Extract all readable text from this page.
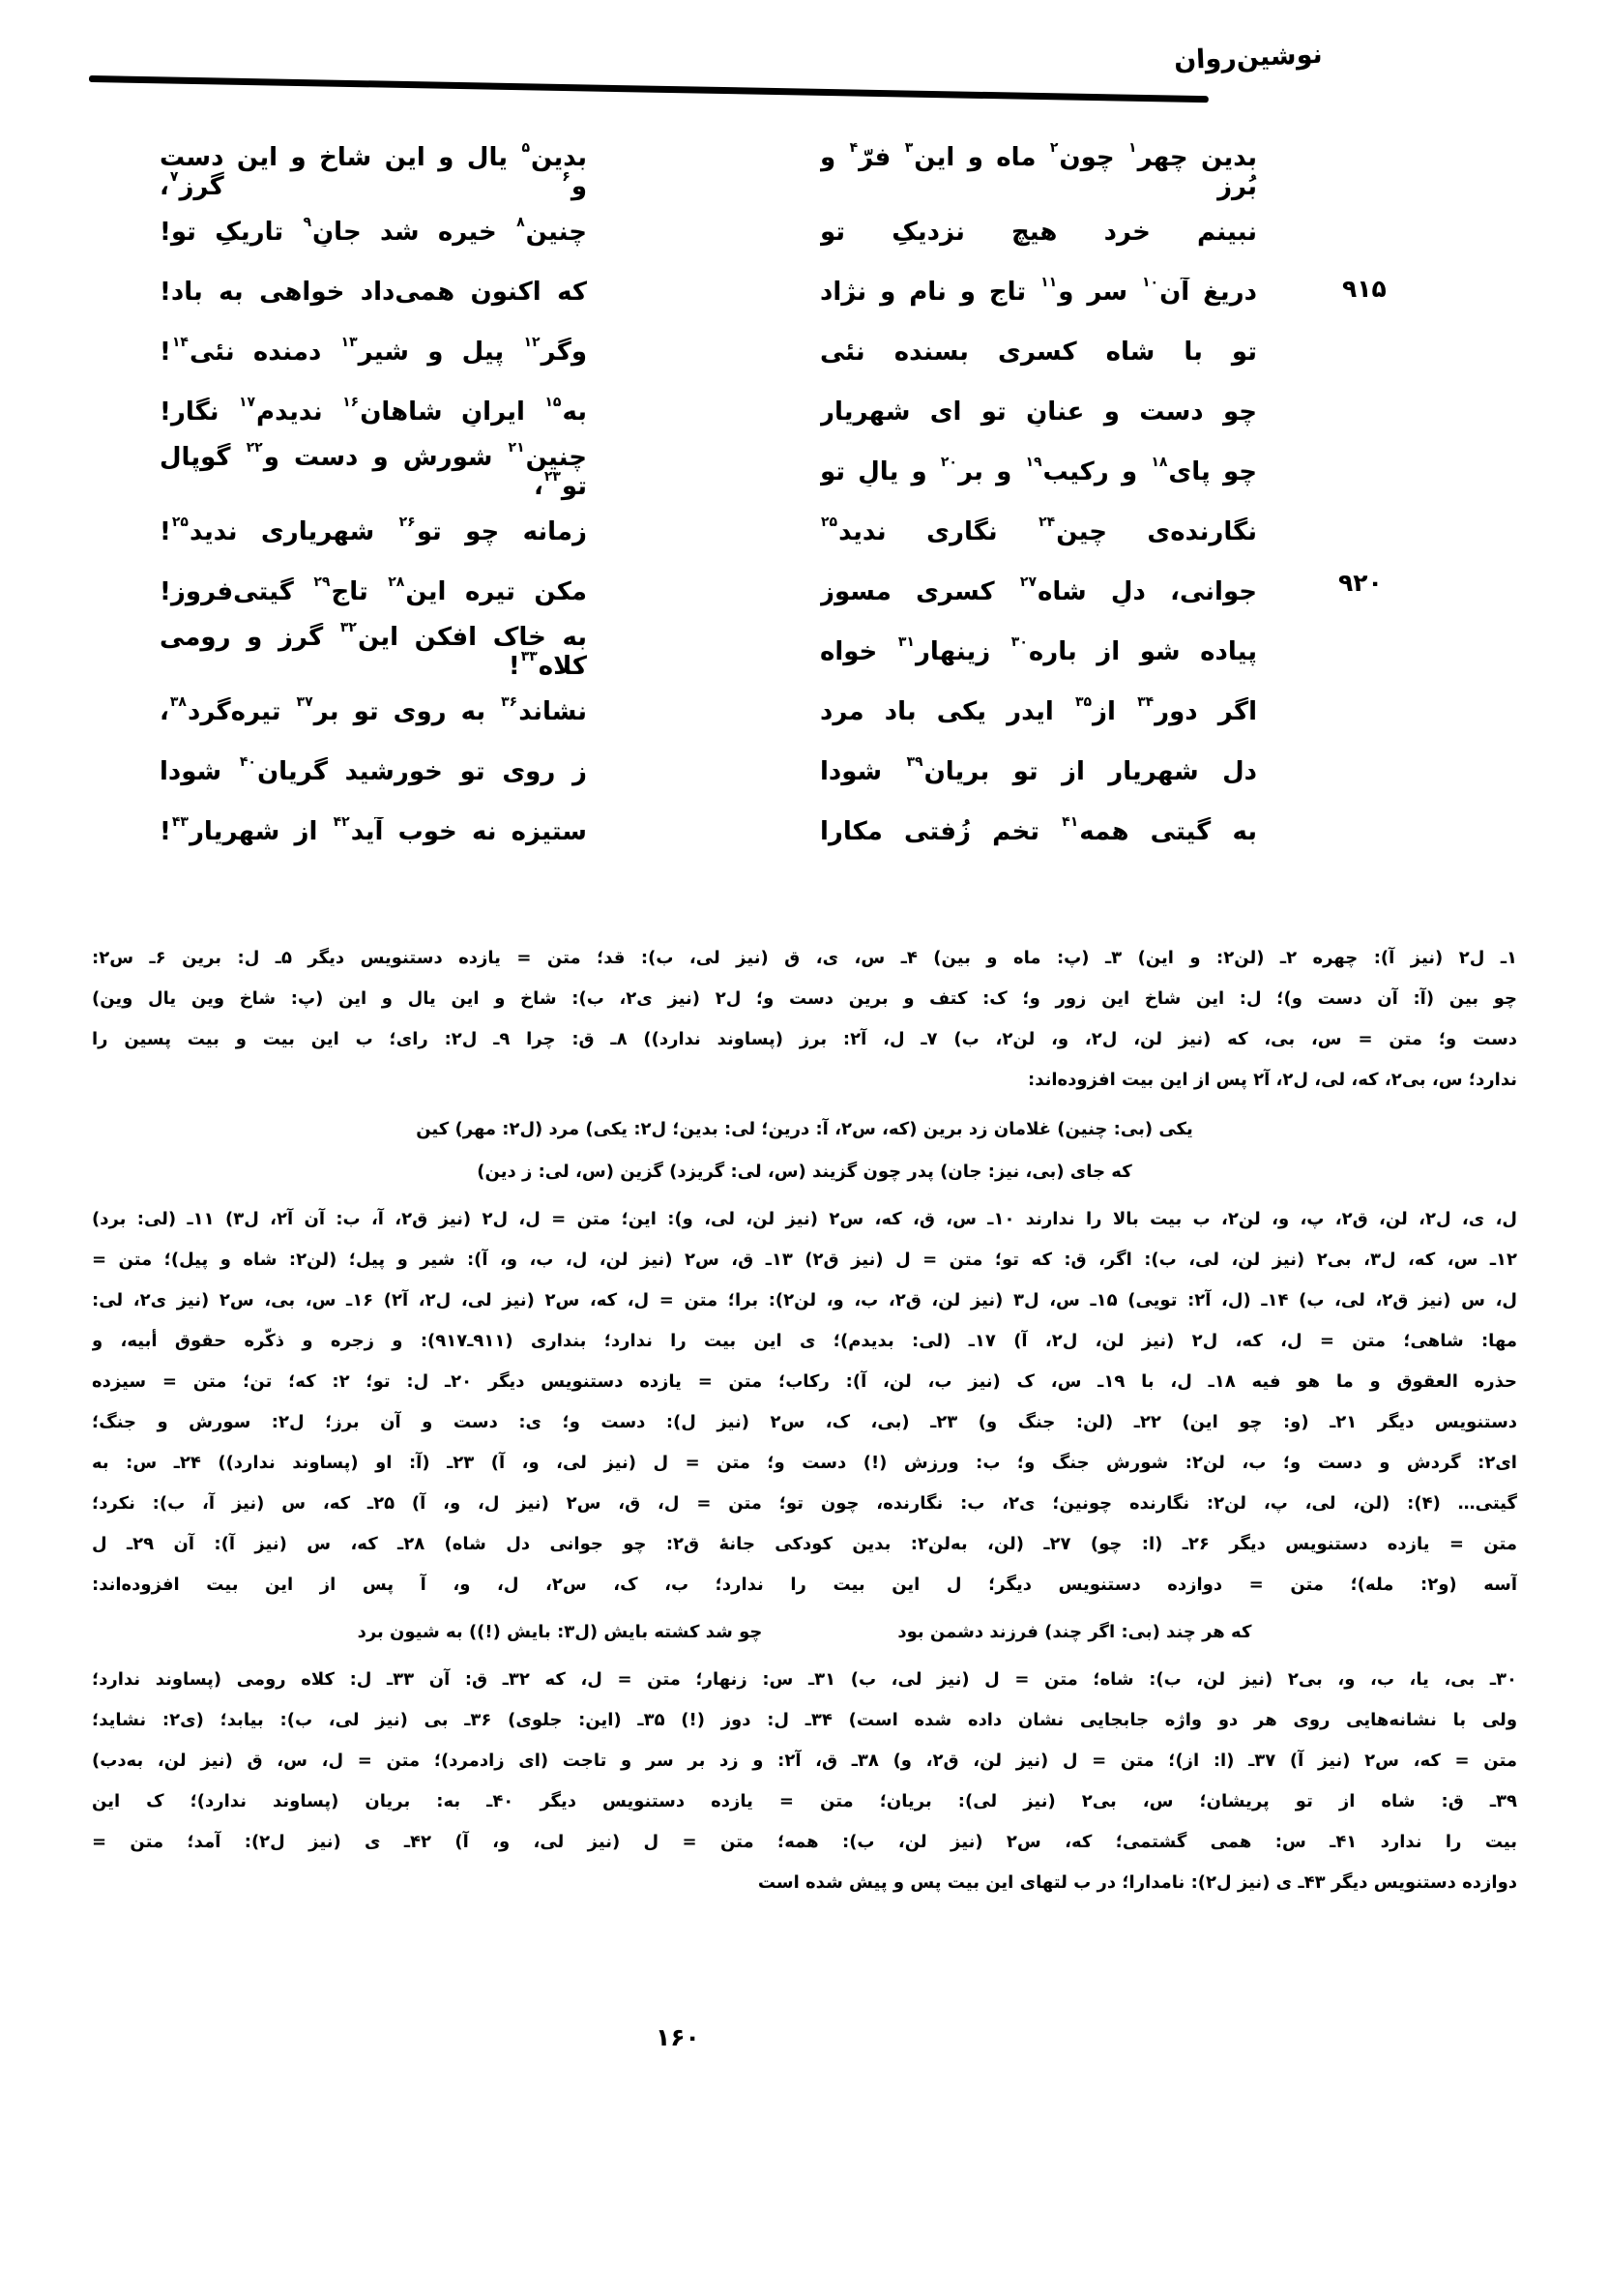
نوشین‌روان
۹۱۵
۹۲۰
بدین چهر$^۱$ چون$^۲$ ماه و این$^۳$ فرّ$^۴$ و بُرز
بدین$^۵$ یال و این شاخ و این دست و$^۶$ گرز$^۷$،
نبینم خرد هیچ نزدیکِ تو
چنین$^۸$ خیره شد جانِ$^۹$ تاریکِ تو!
دریغ آن$^{۱۰}$ سر و$^{۱۱}$ تاج و نام و نژاد
که اکنون همی‌داد خواهی به باد!
تو با شاه کسری بسنده نئی
وگر$^{۱۲}$ پیل و شیرِ$^{۱۳}$ دمنده نئی$^{۱۴}$!
چو دست و عنانِ تو ای شهریار
به$^{۱۵}$ ایرانِ شاهان$^{۱۶}$ ندیدم$^{۱۷}$ نگار!
چو پای$^{۱۸}$ و رکیب$^{۱۹}$ و بر$^{۲۰}$ و یالِ تو
چنین$^{۲۱}$ شورش و دست و$^{۲۲}$ گوپال تو$^{۲۳}$،
نگارنده‌ی چین$^{۲۴}$ نگاری ندید$^{۲۵}$
زمانه چو تو$^{۲۶}$ شهریاری ندید$^{۲۵}$!
جوانی، دلِ شاه$^{۲۷}$ کسری مسوز
مکن تیره این$^{۲۸}$ تاج$^{۲۹}$ گیتی‌فروز!
پیاده شو از باره$^{۳۰}$ زینهار$^{۳۱}$ خواه
به خاک افکن این$^{۳۲}$ گرز و رومی کلاه$^{۳۳}$!
اگر دور$^{۳۴}$ از$^{۳۵}$ ایدر یکی باد مرد
نشاند$^{۳۶}$ به روی تو بر$^{۳۷}$ تیره‌گرد$^{۳۸}$،
دل شهریار از تو بریان$^{۳۹}$ شودا
ز روی تو خورشید گریان$^{۴۰}$ شودا
به گیتی همه$^{۴۱}$ تخم زُفتی مکارا
ستیزه نه خوب آید$^{۴۲}$ از شهریار$^{۴۳}$!
۱ـ ل۲ (نیز آ): چهره ۲ـ (لن۲: و این) ۳ـ (پ: ماه و بین) ۴ـ س، ی، ق (نیز لی، ب): قد؛ متن = یازده دستنویس دیگر ۵ـ ل: برین ۶ـ س۲:
چو بین (آ: آن دست و)؛ ل: این شاخ این زور و؛ ک: کتف و برین دست و؛ ل۲ (نیز ی۲، ب): شاخ و این یال و این (پ: شاخ وین یال وین)
دست و؛ متن = س، بی، که (نیز لن، ل۲، و، لن۲، ب) ۷ـ ل، آ۲: برز (پساوند ندارد)) ۸ـ ق: چرا ۹ـ ل۲: رای؛ ب این بیت و بیت پسین را
ندارد؛ س، بی۲، که، لی، ل۲، آ۲ پس از این بیت افزوده‌اند:
یکی (بی: چنین) غلامان زد برین (که، س۲، آ: درین؛ لی: بدین؛ ل۲: یکی) مرد (ل۲: مهر) کین
که جای (بی، نیز: جان) پدر چون گزیند (س، لی: گریزد) گزین (س، لی: ز دین)
ل، ی، ل۲، لن، ق۲، پ، و، لن۲، ب بیت بالا را ندارند ۱۰ـ س، ق، که، س۲ (نیز لن، لی، و): این؛ متن = ل، ل۲ (نیز ق۲، آ، ب: آن آ۲، ل۳) ۱۱ـ (لی: برد)
۱۲ـ س، که، ل۳، بی۲ (نیز لن، لی، ب): اگر، ق: که تو؛ متن = ل (نیز ق۲) ۱۳ـ ق، س۲ (نیز لن، ل، ب، و، آ): شیر و پیل؛ (لن۲: شاه و پیل)؛ متن =
ل، س (نیز ق۲، لی، ب) ۱۴ـ (ل، آ۲: تویی) ۱۵ـ س، ل۳ (نیز لن، ق۲، ب، و، لن۲): برا؛ متن = ل، که، س۲ (نیز لی، ل۲، آ۲) ۱۶ـ س، بی، س۲ (نیز ی۲، لی:
مها: شاهی؛ متن = ل، که، ل۲ (نیز لن، ل۲، آ) ۱۷ـ (لی: بدیدم)؛ ی این بیت را ندارد؛ بنداری (۹۱۱ـ۹۱۷): و زجره و ذکّره حقوق أبیه، و
حذره العقوق و ما هو فیه ۱۸ـ ل، با ۱۹ـ س، ک (نیز ب، لن، آ): رکاب؛ متن = یازده دستنویس دیگر ۲۰ـ ل: تو؛ ۲: که؛ تن؛ متن = سیزده
دستنویس دیگر ۲۱ـ (و: چو این) ۲۲ـ (لن: جنگ و) ۲۳ـ (بی، ک، س۲ (نیز ل): دست و؛ ی: دست و آن برز؛ ل۲: سورش و جنگ؛
ای۲: گردش و دست و؛ ب، لن۲: شورش جنگ و؛ ب: ورزش (!) دست و؛ متن = ل (نیز لی، و، آ) ۲۳ـ (آ: او (پساوند ندارد)) ۲۴ـ س: به
گیتی… (۴): (لن، لی، پ، لن۲: نگارنده چونین؛ ی۲، ب: نگارنده، چون تو؛ متن = ل، ق، س۲ (نیز ل، و، آ) ۲۵ـ که، س (نیز آ، ب): نکرد؛
متن = یازده دستنویس دیگر ۲۶ـ (ا: چو) ۲۷ـ (لن، به‌لن۲: بدین کودکی جانۀ ق۲: چو جوانی دل شاه) ۲۸ـ که، س (نیز آ): آن ۲۹ـ ل
آسه (و۲: مله)؛ متن = دوازده دستنویس دیگر؛ ل این بیت را ندارد؛ ب، ک، س۲، ل، و، آ پس از این بیت افزوده‌اند:
که هر چند (بی: اگر چند) فرزند دشمن بود
چو شد کشته بایش (ل۳: بایش (!)) به شیون برد
۳۰ـ بی، یا، ب، و، بی۲ (نیز لن، ب): شاه؛ متن = ل (نیز لی، ب) ۳۱ـ س: زنهار؛ متن = ل، که ۳۲ـ ق: آن ۳۳ـ ل: کلاه رومی (پساوند ندارد؛
ولی با نشانه‌هایی روی هر دو واژه جابجایی نشان داده شده است) ۳۴ـ ل: دوز (!) ۳۵ـ (این: جلوی) ۳۶ـ بی (نیز لی، ب): بیابد؛ (ی۲: نشاید؛
متن = که، س۲ (نیز آ) ۳۷ـ (ا: از)؛ متن = ل (نیز لن، ق۲، و) ۳۸ـ ق، آ۲: و زد بر سر و تاجت (ای زادمرد)؛ متن = ل، س، ق (نیز لن، به‌دب)
۳۹ـ ق: شاه از تو پریشان؛ س، بی۲ (نیز لی): بریان؛ متن = یازده دستنویس دیگر ۴۰ـ به: بریان (پساوند ندارد)؛ ک این
بیت را ندارد ۴۱ـ س: همی گشتمی؛ که، س۲ (نیز لن، ب): همه؛ متن = ل (نیز لی، و، آ) ۴۲ـ ی (نیز ل۲): آمد؛ متن =
دوازده دستنویس دیگر ۴۳ـ ی (نیز ل۲): نامدارا؛ در ب لتهای این بیت پس و پیش شده است
۱۶۰
